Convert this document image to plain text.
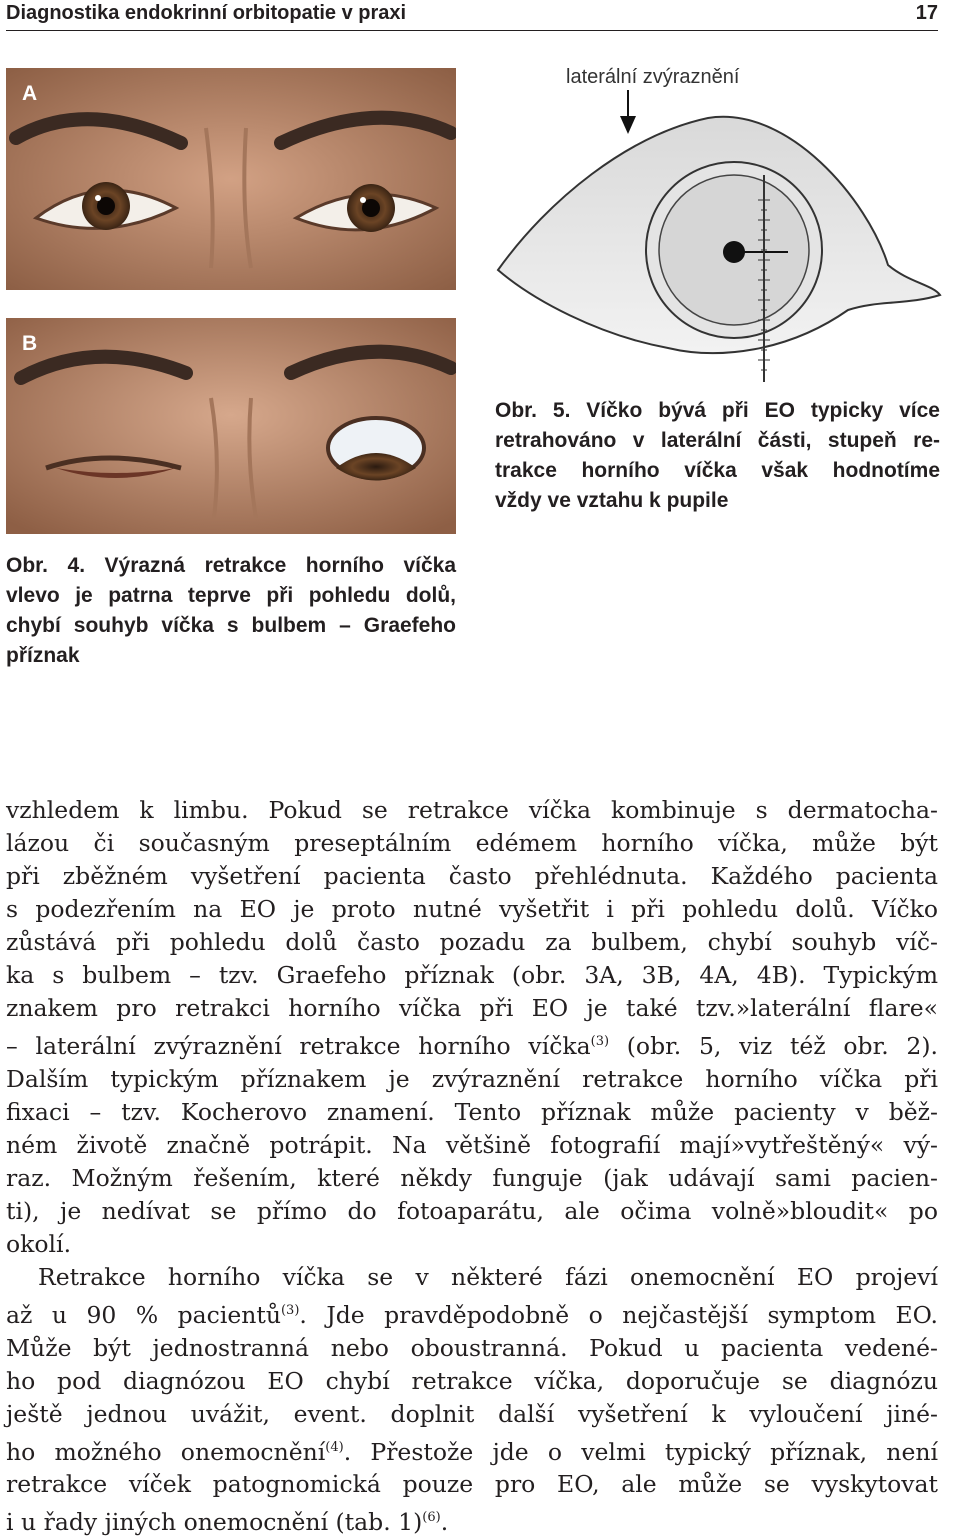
Diagnostika endokrinní orbitopatie v praxi	17
A
B
laterální zvýraznění
Obr. 5. Víčko bývá při EO typicky více
retrahováno v laterální části, stupeň re-
trakce horního víčka však hodnotíme
vždy ve vztahu k pupile
Obr. 4. Výrazná retrakce horního víčka
vlevo je patrna teprve při pohledu dolů,
chybí souhyb víčka s bulbem – Graefeho
příznak
vzhledem k limbu. Pokud se retrakce víčka kombinuje s dermatocha-
lázou či současným preseptálním edémem horního víčka, může být
při zběžném vyšetření pacienta často přehlédnuta. Každého pacienta
s podezřením na EO je proto nutné vyšetřit i při pohledu dolů. Víčko
zůstává při pohledu dolů často pozadu za bulbem, chybí souhyb víč-
ka s bulbem – tzv. Graefeho příznak (obr. 3A, 3B, 4A, 4B). Typickým
znakem pro retrakci horního víčka při EO je také tzv.»laterální flare«
– laterální zvýraznění retrakce horního víčka$^{(3)}$ (obr. 5, viz též obr. 2).
Dalším typickým příznakem je zvýraznění retrakce horního víčka při
fixaci – tzv. Kocherovo znamení. Tento příznak může pacienty v běž-
ném životě značně potrápit. Na většině fotografií mají»vytřeštěný« vý-
raz. Možným řešením, které někdy funguje (jak udávají sami pacien-
ti), je nedívat se přímo do fotoaparátu, ale očima volně»bloudit« po
okolí.
Retrakce horního víčka se v některé fázi onemocnění EO projeví
až u 90 % pacientů$^{(3)}$. Jde pravděpodobně o nejčastější symptom EO.
Může být jednostranná nebo oboustranná. Pokud u pacienta vedené-
ho pod diagnózou EO chybí retrakce víčka, doporučuje se diagnózu
ještě jednou uvážit, event. doplnit další vyšetření k vyloučení jiné-
ho možného onemocnění$^{(4)}$. Přestože jde o velmi typický příznak, není
retrakce víček patognomická pouze pro EO, ale může se vyskytovat
i u řady jiných onemocnění (tab. 1)$^{(6)}$.
